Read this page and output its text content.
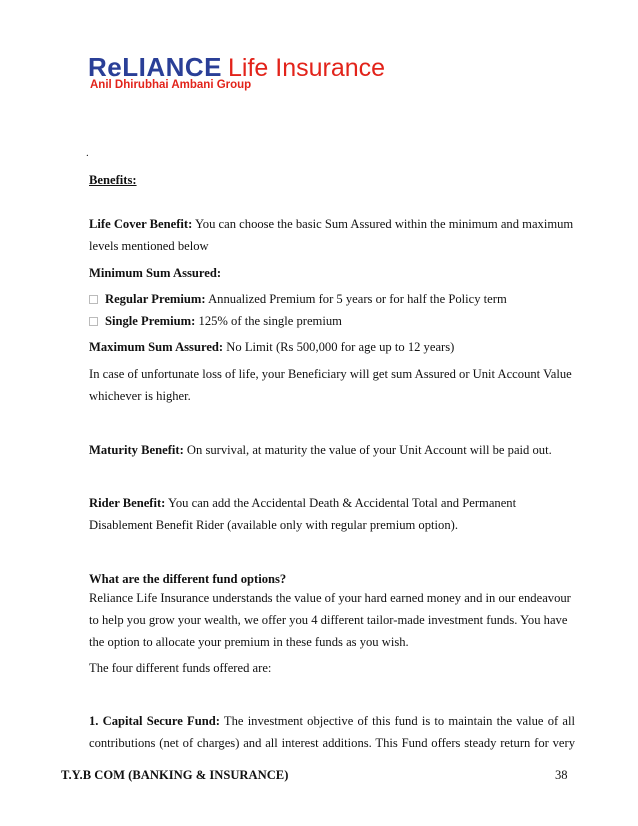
ReLIANCE Life Insurance
Anil Dhirubhai Ambani Group
.
Benefits:
Life Cover Benefit: You can choose the basic Sum Assured within the minimum and maximum
levels mentioned below
Minimum Sum Assured:
Regular Premium: Annualized Premium for 5 years or for half the Policy term
Single Premium: 125% of the single premium
Maximum Sum Assured: No Limit (Rs 500,000 for age up to 12 years)
In case of unfortunate loss of life, your Beneficiary will get sum Assured or Unit Account Value
whichever is higher.
Maturity Benefit: On survival, at maturity the value of your Unit Account will be paid out.
Rider Benefit: You can add the Accidental Death & Accidental Total and Permanent
Disablement Benefit Rider (available only with regular premium option).
What are the different fund options?
Reliance Life Insurance understands the value of your hard earned money and in our endeavour
to help you grow your wealth, we offer you 4 different tailor-made investment funds. You have
the option to allocate your premium in these funds as you wish.
The four different funds offered are:
1. Capital Secure Fund: The investment objective of this fund is to maintain the value of all
contributions (net of charges) and all interest additions. This Fund offers steady return for very
T.Y.B COM (BANKING & INSURANCE)	38
